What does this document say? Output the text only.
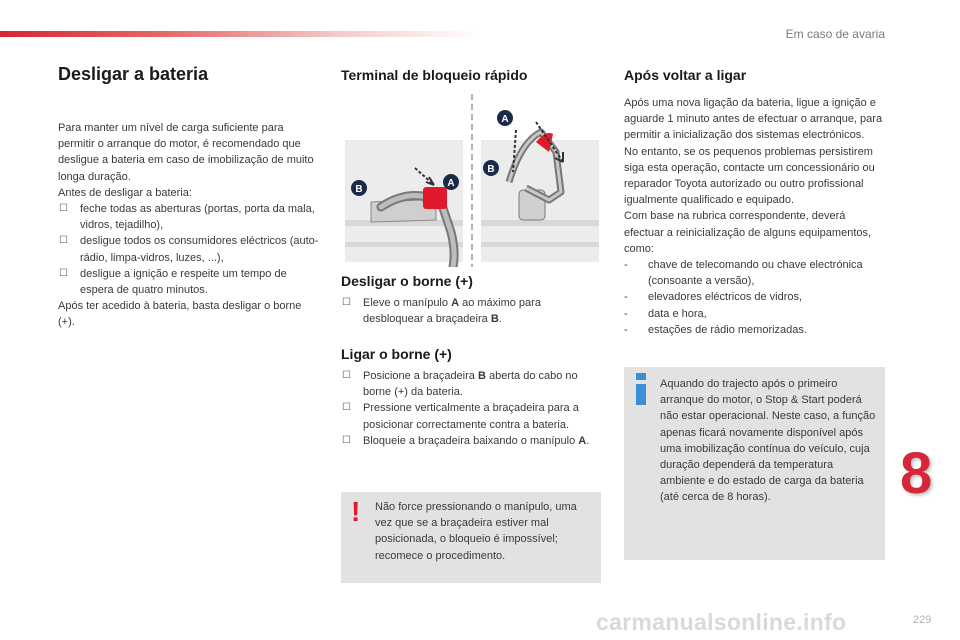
Em caso de avaria
Desligar a bateria

Para manter um nível de carga suficiente para permitir o arranque do motor, é recomendado que desligue a bateria em caso de imobilização de muito longa duração.

Antes de desligar a bateria:

☐ feche todas as aberturas (portas, porta da mala, vidros, tejadilho),
☐ desligue todos os consumidores eléctricos (auto-rádio, limpa-vidros, luzes, ...),
☐ desligue a ignição e respeite um tempo de espera de quatro minutos.

Após ter acedido à bateria, basta desligar o borne (+).

Terminal de bloqueio rápido
B
A
A
B
Desligar o borne (+)
☐ Eleve o manípulo A ao máximo para desbloquear a braçadeira B.
Ligar o borne (+)
☐ Posicione a braçadeira B aberta do cabo no borne (+) da bateria.
☐ Pressione verticalmente a braçadeira para a posicionar correctamente contra a bateria.
☐ Bloqueie a braçadeira baixando o manípulo A.
! Não force pressionando o manípulo, uma vez que se a braçadeira estiver mal posicionada, o bloqueio é impossível; recomece o procedimento.
Após voltar a ligar

Após uma nova ligação da bateria, ligue a ignição e aguarde 1 minuto antes de efectuar o arranque, para permitir a inicialização dos sistemas electrónicos.

No entanto, se os pequenos problemas persistirem siga esta operação, contacte um concessionário ou reparador Toyota autorizado ou outro profissional igualmente qualificado e equipado.

Com base na rubrica correspondente, deverá efectuar a reinicialização de alguns equipamentos, como:

- chave de telecomando ou chave electrónica (consoante a versão),
- elevadores eléctricos de vidros,
- data e hora,
- estações de rádio memorizadas.
Aquando do trajecto após o primeiro arranque do motor, o Stop & Start poderá não estar operacional. Neste caso, a função apenas ficará novamente disponível após uma imobilização contínua do veículo, cuja duração dependerá da temperatura ambiente e do estado de carga da bateria (até cerca de 8 horas).	8
carmanualsonline.info	229
